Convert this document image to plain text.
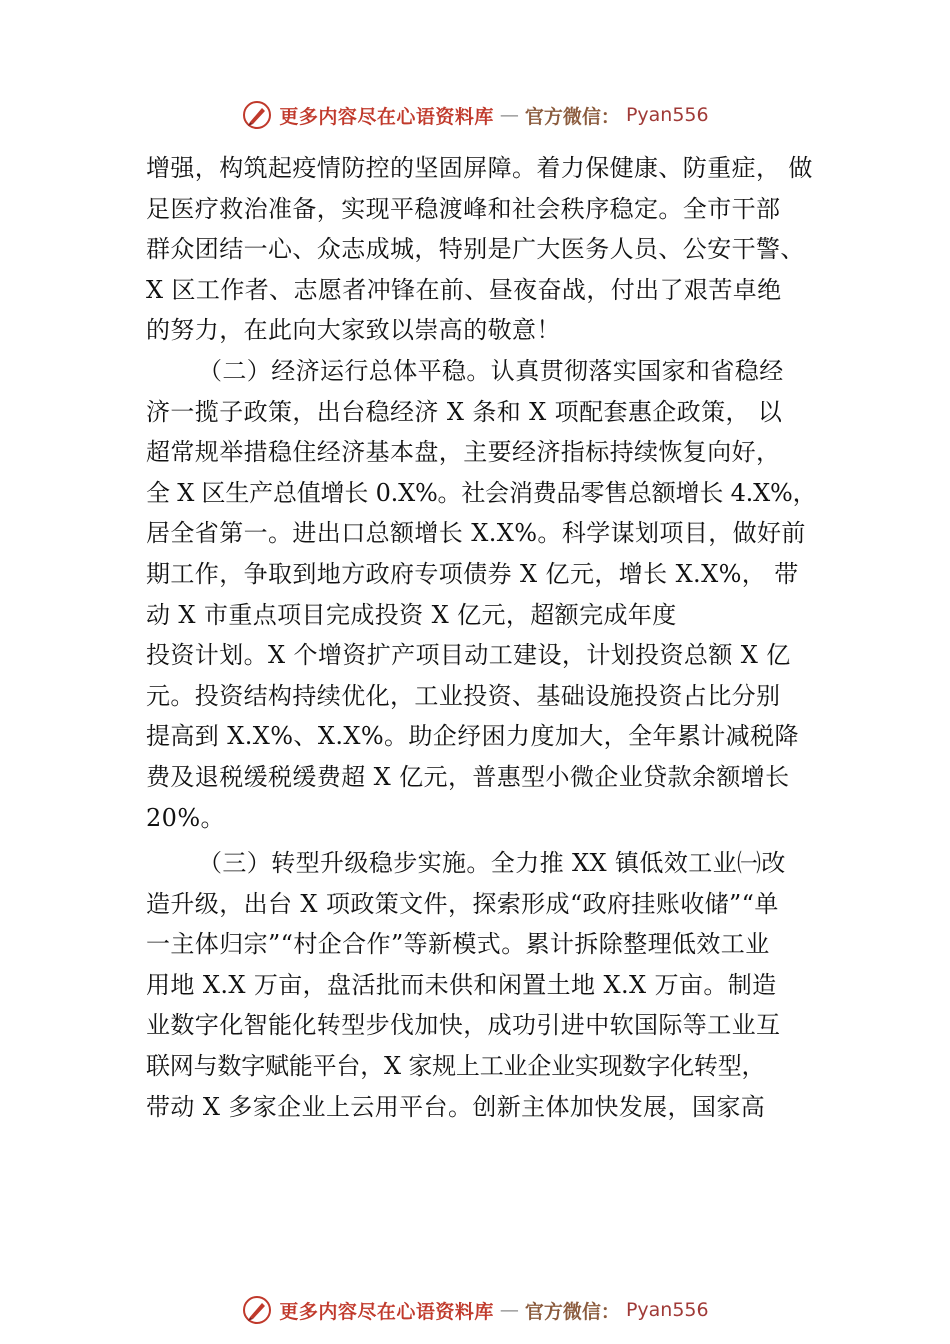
更多内容尽在心语资料库 — 官方微信： Pyan556
增强，构筑起疫情防控的坚固屏障。着力保健康、防重症， 做
足医疗救治准备，实现平稳渡峰和社会秩序稳定。全市干部
群众团结一心、众志成城，特别是广大医务人员、公安干警、
X 区工作者、志愿者冲锋在前、昼夜奋战，付出了艰苦卓绝
的努力，在此向大家致以崇高的敬意！
（二）经济运行总体平稳。认真贯彻落实国家和省稳经
济一揽子政策，出台稳经济 X 条和 X 项配套惠企政策， 以
超常规举措稳住经济基本盘，主要经济指标持续恢复向好，
全 X 区生产总值增长 0.X%。社会消费品零售总额增长 4.X%，
居全省第一。进出口总额增长 X.X%。科学谋划项目，做好前
期工作，争取到地方政府专项债券 X 亿元，增长 X.X%， 带
动 X 市重点项目完成投资 X 亿元，超额完成年度
投资计划。X 个增资扩产项目动工建设，计划投资总额 X 亿
元。投资结构持续优化，工业投资、基础设施投资占比分别
提高到 X.X%、X.X%。助企纾困力度加大，全年累计减税降
费及退税缓税缓费超 X 亿元，普惠型小微企业贷款余额增长
20%。
（三）转型升级稳步实施。全力推 XX 镇低效工业㈠改
造升级，出台 X 项政策文件，探索形成“政府挂账收储”“单
一主体归宗”“村企合作”等新模式。累计拆除整理低效工业
用地 X.X 万亩，盘活批而未供和闲置土地 X.X 万亩。制造
业数字化智能化转型步伐加快，成功引进中软国际等工业互
联网与数字赋能平台，X 家规上工业企业实现数字化转型，
带动 X 多家企业上云用平台。创新主体加快发展，国家高
更多内容尽在心语资料库 — 官方微信： Pyan556
